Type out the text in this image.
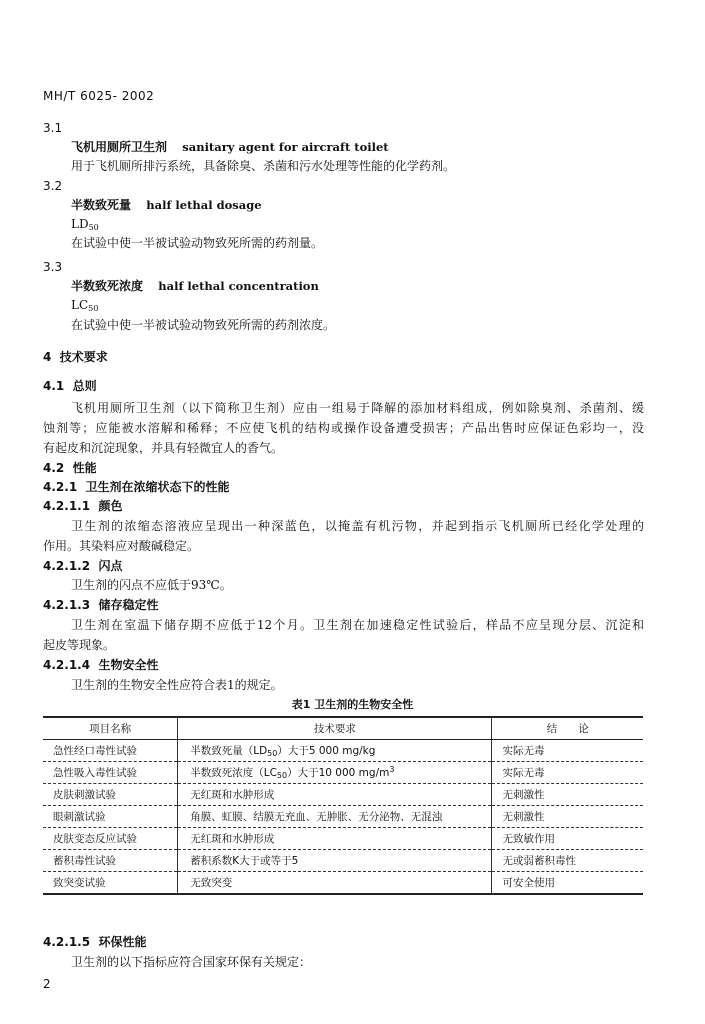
MH/T 6025- 2002
3.1
飞机用厕所卫生剂 sanitary agent for aircraft toilet
用于飞机厕所排污系统，具备除臭、杀菌和污水处理等性能的化学药剂。
3.2
半数致死量 half lethal dosage
$LD_{50}$
在试验中使一半被试验动物致死所需的药剂量。
3.3
半数致死浓度 half lethal concentration
$LC_{50}$
在试验中使一半被试验动物致死所需的药剂浓度。
4 技术要求
4.1 总则
飞机用厕所卫生剂（以下简称卫生剂）应由一组易于降解的添加材料组成，例如除臭剂、杀菌剂、缓
蚀剂等；应能被水溶解和稀释；不应使飞机的结构或操作设备遭受损害；产品出售时应保证色彩均一，没
有起皮和沉淀现象，并具有轻微宜人的香气。
4.2 性能
4.2.1 卫生剂在浓缩状态下的性能
4.2.1.1 颜色
卫生剂的浓缩态溶液应呈现出一种深蓝色，以掩盖有机污物，并起到指示飞机厕所已经化学处理的
作用。其染料应对酸碱稳定。
4.2.1.2 闪点
卫生剂的闪点不应低于93℃。
4.2.1.3 储存稳定性
卫生剂在室温下储存期不应低于12个月。卫生剂在加速稳定性试验后，样品不应呈现分层、沉淀和
起皮等现象。
4.2.1.4 生物安全性
卫生剂的生物安全性应符合表1的规定。
表1 卫生剂的生物安全性
项目名称	技术要求	结　　论
急性经口毒性试验	半数致死量$(LD_{50})$大于5 000 mg/kg	实际无毒
急性吸入毒性试验	半数致死浓度$(LC_{50})$大于10 000 $mg/m^3$	实际无毒
皮肤刺激试验	无红斑和水肿形成	无刺激性
眼刺激试验	角膜、虹膜、结膜无充血、无肿胀、无分泌物、无混浊	无刺激性
皮肤变态反应试验	无红斑和水肿形成	无致敏作用
蓄积毒性试验	蓄积系数K大于或等于5	无或弱蓄积毒性
致突变试验	无致突变	可安全使用
4.2.1.5 环保性能
卫生剂的以下指标应符合国家环保有关规定：
2
